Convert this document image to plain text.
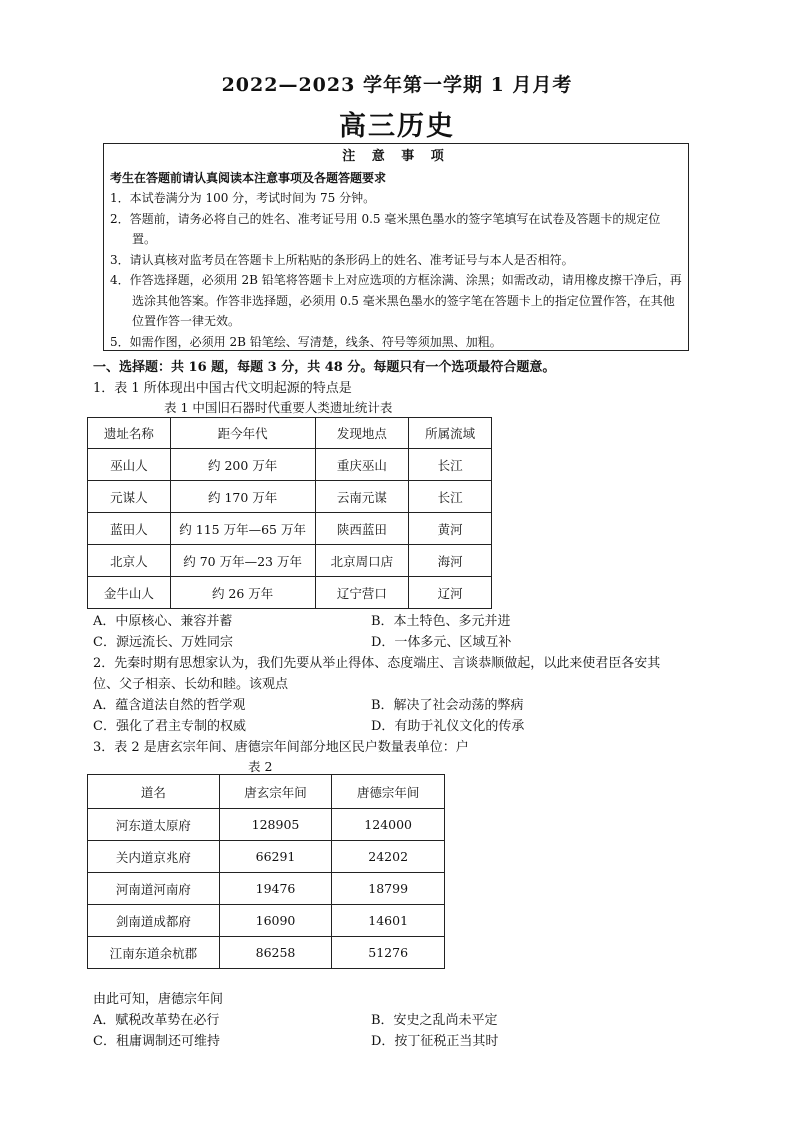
2022—2023 学年第一学期 1 月月考
高三历史
注 意 事 项
考生在答题前请认真阅读本注意事项及各题答题要求
1．本试卷满分为 100 分，考试时间为 75 分钟。
2．答题前，请务必将自己的姓名、准考证号用 0.5 毫米黑色墨水的签字笔填写在试卷及答题卡的规定位置。
3．请认真核对监考员在答题卡上所粘贴的条形码上的姓名、准考证号与本人是否相符。
4．作答选择题，必须用 2B 铅笔将答题卡上对应选项的方框涂满、涂黑；如需改动，请用橡皮擦干净后，再选涂其他答案。作答非选择题，必须用 0.5 毫米黑色墨水的签字笔在答题卡上的指定位置作答，在其他位置作答一律无效。
5．如需作图，必须用 2B 铅笔绘、写清楚，线条、符号等须加黑、加粗。
一、选择题：共 16 题，每题 3 分，共 48 分。每题只有一个选项最符合题意。
1．表 1 所体现出中国古代文明起源的特点是
表 1 中国旧石器时代重要人类遗址统计表
遗址名称	距今年代	发现地点	所属流域
巫山人	约 200 万年	重庆巫山	长江
元谋人	约 170 万年	云南元谋	长江
蓝田人	约 115 万年—65 万年	陕西蓝田	黄河
北京人	约 70 万年—23 万年	北京周口店	海河
金牛山人	约 26 万年	辽宁营口	辽河
A．中原核心、兼容并蓄	B．本土特色、多元并进
C．源远流长、万姓同宗	D．一体多元、区域互补
2．先秦时期有思想家认为，我们先要从举止得体、态度端庄、言谈恭顺做起，以此来使君臣各安其
位、父子相亲、长幼和睦。该观点
A．蕴含道法自然的哲学观	B．解决了社会动荡的弊病
C．强化了君主专制的权威	D．有助于礼仪文化的传承
3．表 2 是唐玄宗年间、唐德宗年间部分地区民户数量表单位：户
表 2
道名	唐玄宗年间	唐德宗年间
河东道太原府	128905	124000
关内道京兆府	66291	24202
河南道河南府	19476	18799
剑南道成都府	16090	14601
江南东道余杭郡	86258	51276
由此可知，唐德宗年间
A．赋税改革势在必行	B．安史之乱尚未平定
C．租庸调制还可维持	D．按丁征税正当其时
